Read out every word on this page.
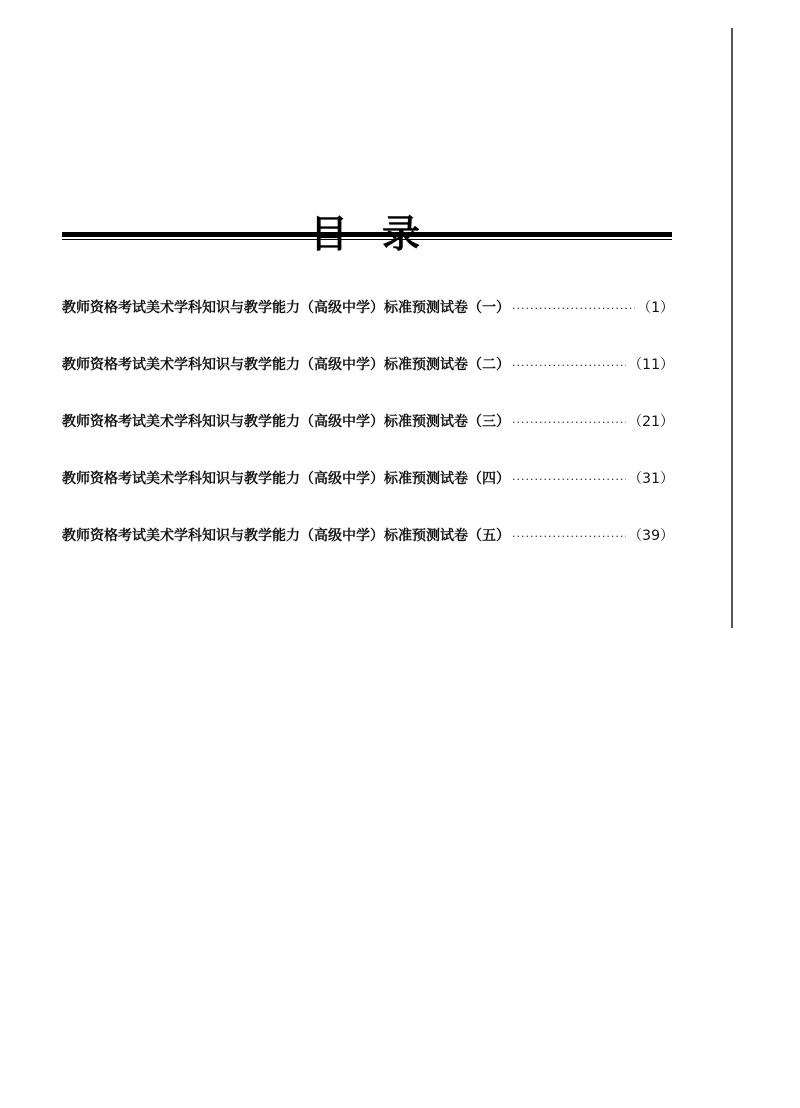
教师资格考试美术学科知识与教学能力（高级中学）标准预测试卷（一） ·····	（1）
教师资格考试美术学科知识与教学能力（高级中学）标准预测试卷（二） ·····	（11）
教师资格考试美术学科知识与教学能力（高级中学）标准预测试卷（三） ·····	（21）
教师资格考试美术学科知识与教学能力（高级中学）标准预测试卷（四） ·····	（31）
教师资格考试美术学科知识与教学能力（高级中学）标准预测试卷（五） ·····	（39）
